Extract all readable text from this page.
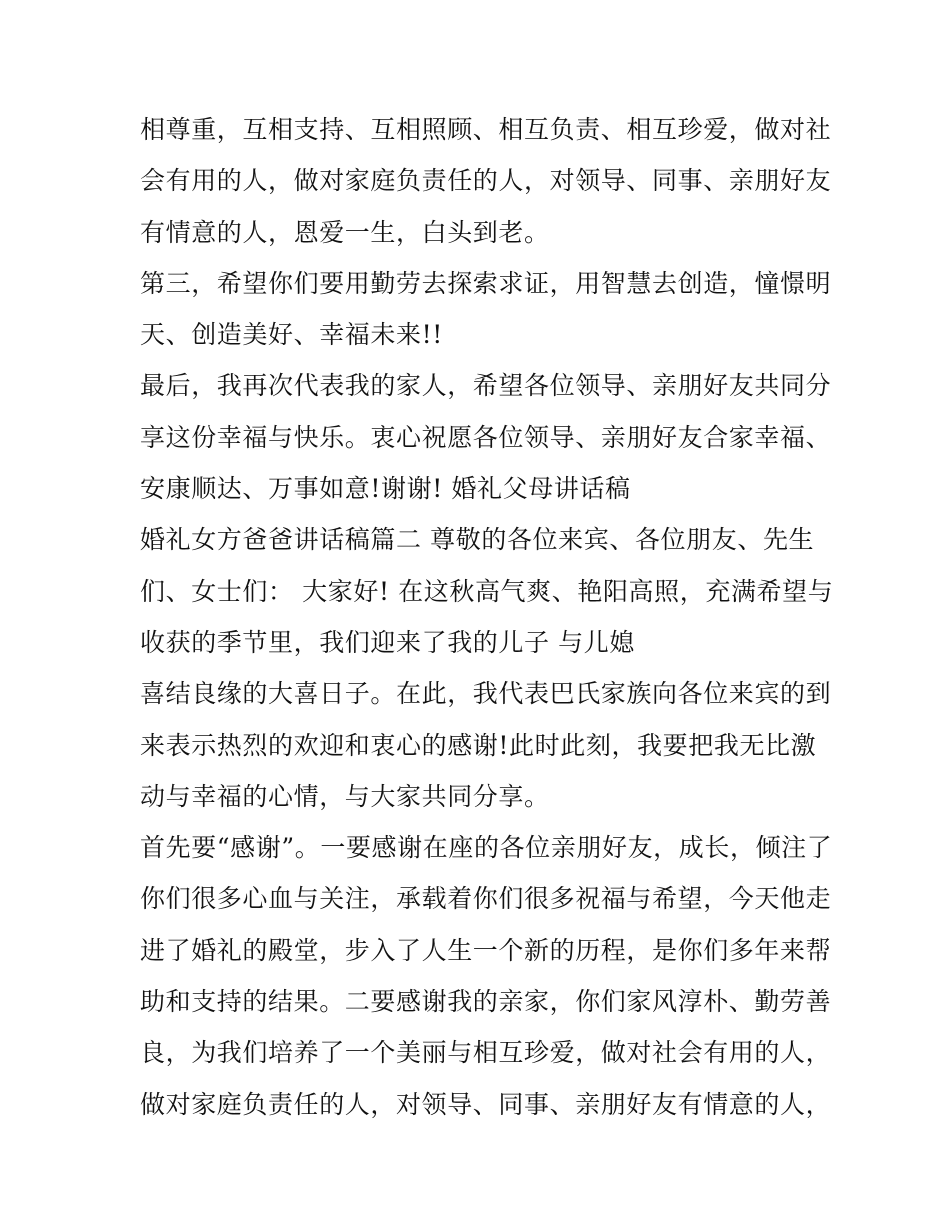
相尊重，互相支持、互相照顾、相互负责、相互珍爱，做对社
会有用的人，做对家庭负责任的人，对领导、同事、亲朋好友
有情意的人，恩爱一生，白头到老。
第三，希望你们要用勤劳去探索求证，用智慧去创造，憧憬明
天、创造美好、幸福未来!!
最后，我再次代表我的家人，希望各位领导、亲朋好友共同分
享这份幸福与快乐。衷心祝愿各位领导、亲朋好友合家幸福、
安康顺达、万事如意!谢谢! 婚礼父母讲话稿
婚礼女方爸爸讲话稿篇二 尊敬的各位来宾、各位朋友、先生
们、女士们： 大家好! 在这秋高气爽、艳阳高照，充满希望与
收获的季节里，我们迎来了我的儿子 与儿媳
喜结良缘的大喜日子。在此，我代表巴氏家族向各位来宾的到
来表示热烈的欢迎和衷心的感谢!此时此刻，我要把我无比激
动与幸福的心情，与大家共同分享。
首先要“感谢”。一要感谢在座的各位亲朋好友，成长，倾注了
你们很多心血与关注，承载着你们很多祝福与希望，今天他走
进了婚礼的殿堂，步入了人生一个新的历程，是你们多年来帮
助和支持的结果。二要感谢我的亲家，你们家风淳朴、勤劳善
良，为我们培养了一个美丽与相互珍爱，做对社会有用的人，
做对家庭负责任的人，对领导、同事、亲朋好友有情意的人，
